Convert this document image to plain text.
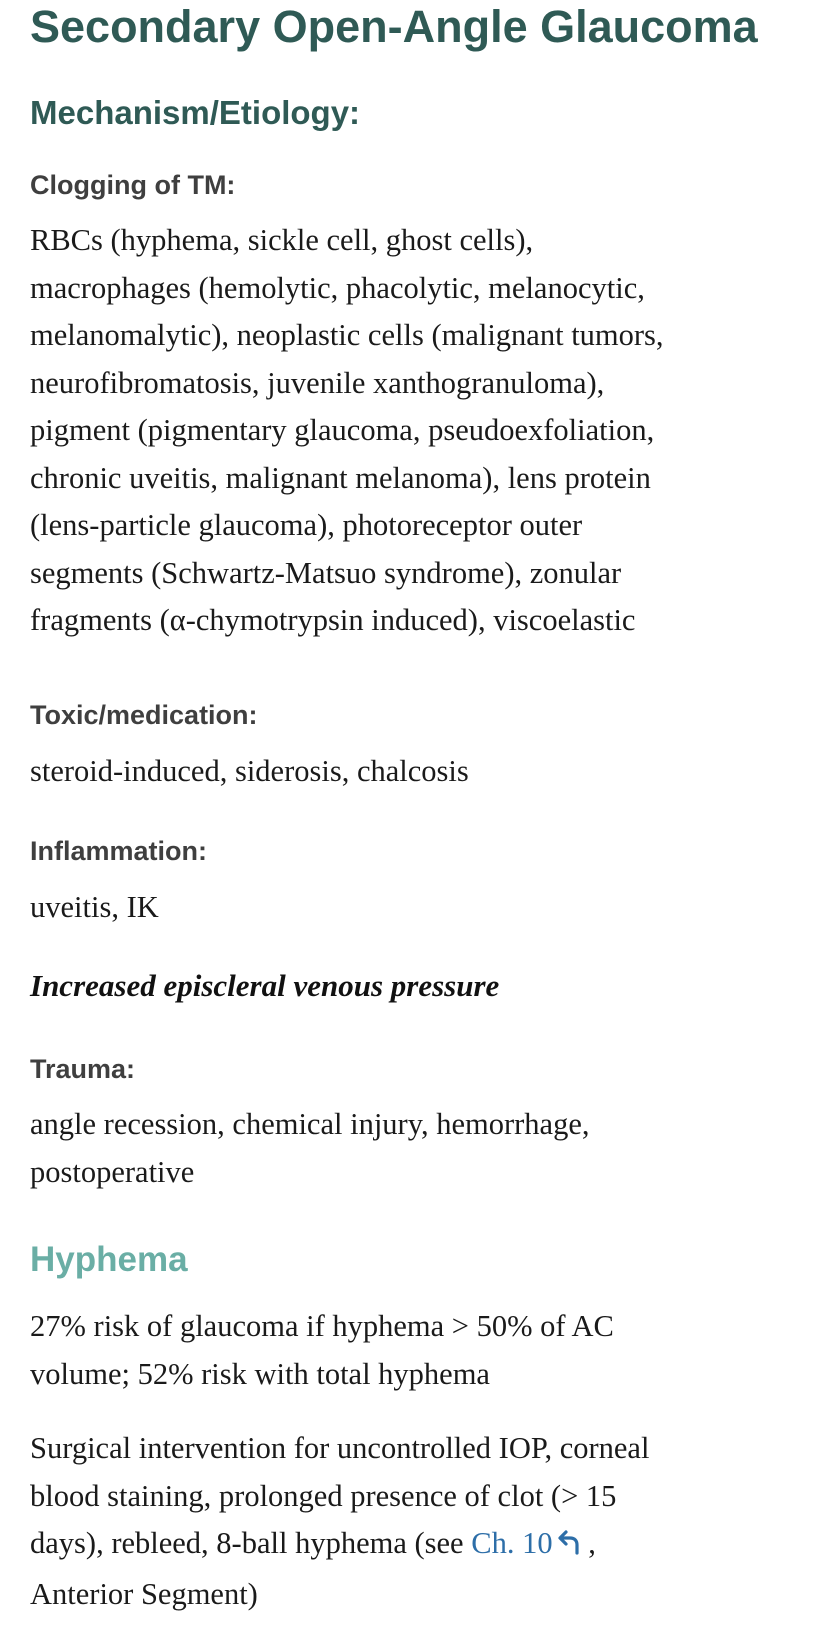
Secondary Open-Angle Glaucoma
Mechanism/Etiology:

Clogging of TM:

RBCs (hyphema, sickle cell, ghost cells),
macrophages (hemolytic, phacolytic, melanocytic,
melanomalytic), neoplastic cells (malignant tumors,
neurofibromatosis, juvenile xanthogranuloma),
pigment (pigmentary glaucoma, pseudoexfoliation,
chronic uveitis, malignant melanoma), lens protein
(lens-particle glaucoma), photoreceptor outer
segments (Schwartz-Matsuo syndrome), zonular
fragments (α-chymotrypsin induced), viscoelastic

Toxic/medication:

steroid-induced, siderosis, chalcosis

Inflammation:

uveitis, IK

Increased episcleral venous pressure

Trauma:

angle recession, chemical injury, hemorrhage,
postoperative
Hyphema
27% risk of glaucoma if hyphema > 50% of AC
volume; 52% risk with total hyphema
Surgical intervention for uncontrolled IOP, corneal
blood staining, prolonged presence of clot (> 15
days), rebleed, 8-ball hyphema (see Ch. 10 ,
Anterior Segment)
